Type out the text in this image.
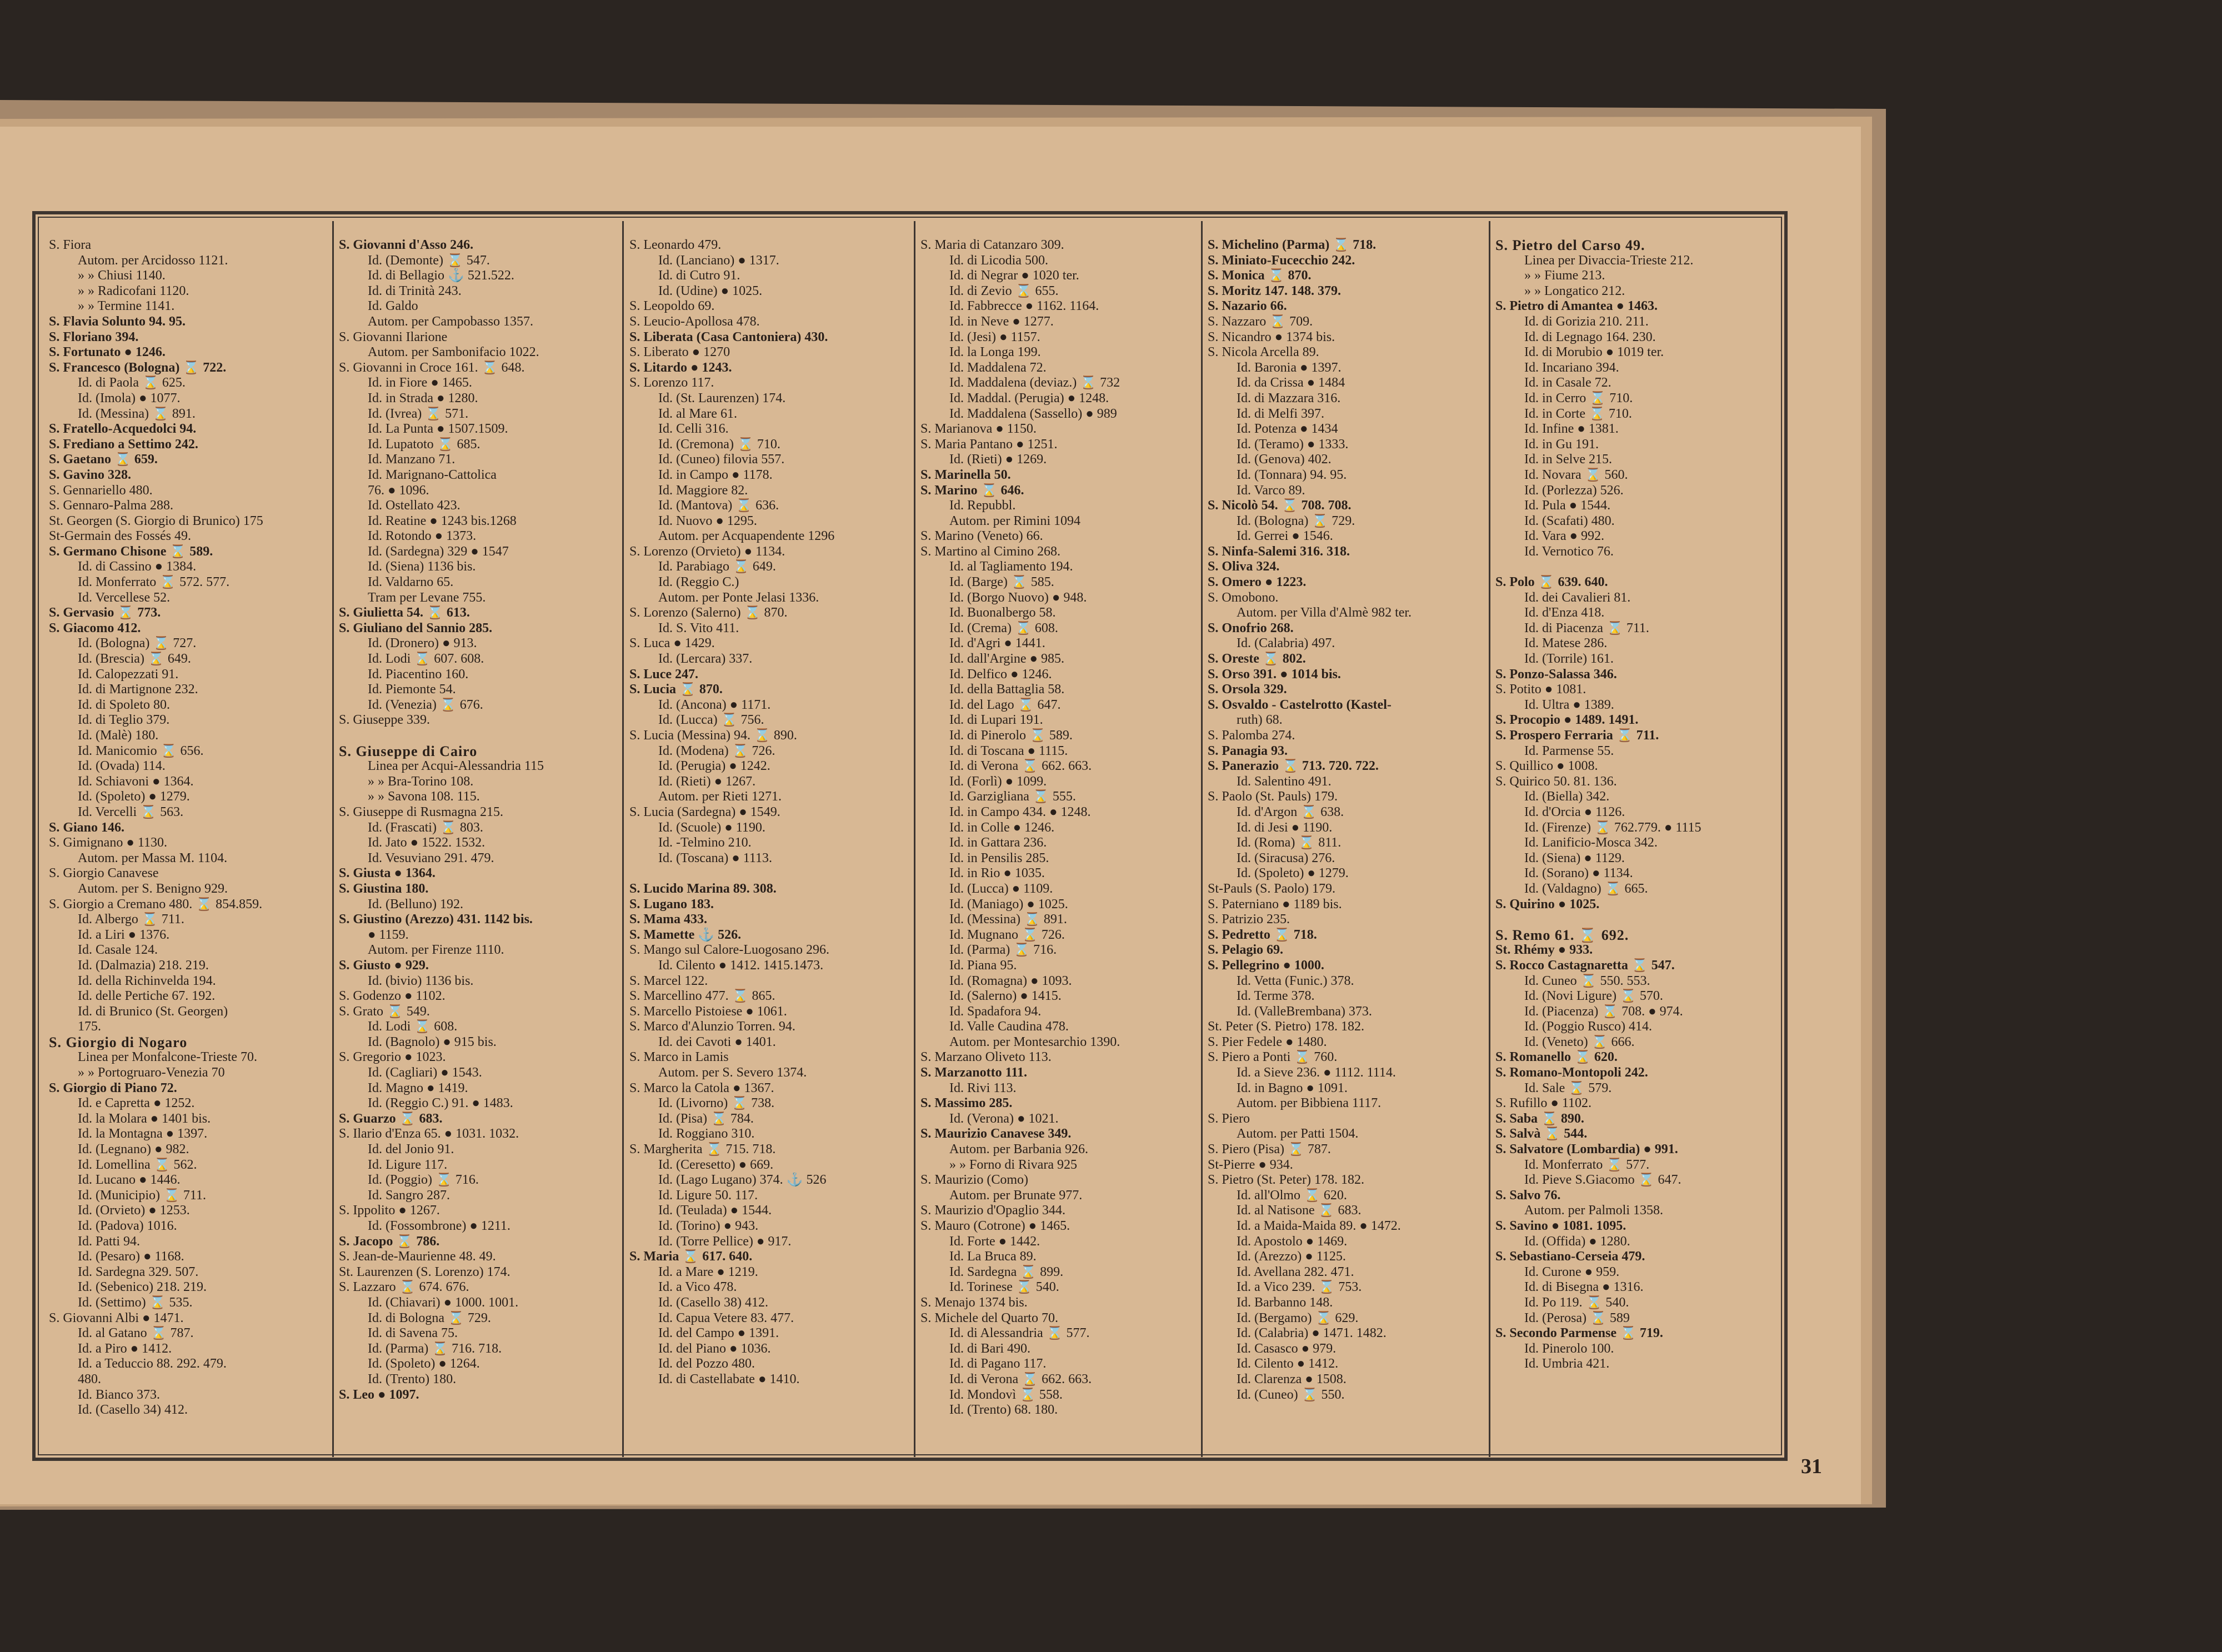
S. Fiora
Autom. per Arcidosso 1121.
» » Chiusi 1140.
» » Radicofani 1120.
» » Termine 1141.
S. Flavia Solunto 94. 95.
S. Floriano 394.
S. Fortunato ● 1246.
S. Francesco (Bologna) ⌛ 722.
Id. di Paola ⌛ 625.
Id. (Imola) ● 1077.
Id. (Messina) ⌛ 891.
S. Fratello-Acquedolci 94.
S. Frediano a Settimo 242.
S. Gaetano ⌛ 659.
S. Gavino 328.
S. Gennariello 480.
S. Gennaro-Palma 288.
St. Georgen (S. Giorgio di Brunico) 175
St-Germain des Fossés 49.
S. Germano Chisone ⌛ 589.
Id. di Cassino ● 1384.
Id. Monferrato ⌛ 572. 577.
Id. Vercellese 52.
S. Gervasio ⌛ 773.
S. Giacomo 412.
Id. (Bologna) ⌛ 727.
Id. (Brescia) ⌛ 649.
Id. Calopezzati 91.
Id. di Martignone 232.
Id. di Spoleto 80.
Id. di Teglio 379.
Id. (Malè) 180.
Id. Manicomio ⌛ 656.
Id. (Ovada) 114.
Id. Schiavoni ● 1364.
Id. (Spoleto) ● 1279.
Id. Vercelli ⌛ 563.
S. Giano 146.
S. Gimignano ● 1130.
Autom. per Massa M. 1104.
S. Giorgio Canavese
Autom. per S. Benigno 929.
S. Giorgio a Cremano 480. ⌛ 854.859.
Id. Albergo ⌛ 711.
Id. a Liri ● 1376.
Id. Casale 124.
Id. (Dalmazia) 218. 219.
Id. della Richinvelda 194.
Id. delle Pertiche 67. 192.
Id. di Brunico (St. Georgen)
175.
S. Giorgio di Nogaro
Linea per Monfalcone-Trieste 70.
» » Portogruaro-Venezia 70
S. Giorgio di Piano 72.
Id. e Capretta ● 1252.
Id. la Molara ● 1401 bis.
Id. la Montagna ● 1397.
Id. (Legnano) ● 982.
Id. Lomellina ⌛ 562.
Id. Lucano ● 1446.
Id. (Municipio) ⌛ 711.
Id. (Orvieto) ● 1253.
Id. (Padova) 1016.
Id. Patti 94.
Id. (Pesaro) ● 1168.
Id. Sardegna 329. 507.
Id. (Sebenico) 218. 219.
Id. (Settimo) ⌛ 535.
S. Giovanni Albi ● 1471.
Id. al Gatano ⌛ 787.
Id. a Piro ● 1412.
Id. a Teduccio 88. 292. 479.
480.
Id. Bianco 373.
Id. (Casello 34) 412.
S. Giovanni d'Asso 246.
Id. (Demonte) ⌛ 547.
Id. di Bellagio ⚓ 521.522.
Id. di Trinità 243.
Id. Galdo
Autom. per Campobasso 1357.
S. Giovanni Ilarione
Autom. per Sambonifacio 1022.
S. Giovanni in Croce 161. ⌛ 648.
Id. in Fiore ● 1465.
Id. in Strada ● 1280.
Id. (Ivrea) ⌛ 571.
Id. La Punta ● 1507.1509.
Id. Lupatoto ⌛ 685.
Id. Manzano 71.
Id. Marignano-Cattolica
76. ● 1096.
Id. Ostellato 423.
Id. Reatine ● 1243 bis.1268
Id. Rotondo ● 1373.
Id. (Sardegna) 329 ● 1547
Id. (Siena) 1136 bis.
Id. Valdarno 65.
Tram per Levane 755.
S. Giulietta 54. ⌛ 613.
S. Giuliano del Sannio 285.
Id. (Dronero) ● 913.
Id. Lodi ⌛ 607. 608.
Id. Piacentino 160.
Id. Piemonte 54.
Id. (Venezia) ⌛ 676.
S. Giuseppe 339.
S. Giuseppe di Cairo
Linea per Acqui-Alessandria 115
» » Bra-Torino 108.
» » Savona 108. 115.
S. Giuseppe di Rusmagna 215.
Id. (Frascati) ⌛ 803.
Id. Jato ● 1522. 1532.
Id. Vesuviano 291. 479.
S. Giusta ● 1364.
S. Giustina 180.
Id. (Belluno) 192.
S. Giustino (Arezzo) 431. 1142 bis.
● 1159.
Autom. per Firenze 1110.
S. Giusto ● 929.
Id. (bivio) 1136 bis.
S. Godenzo ● 1102.
S. Grato ⌛ 549.
Id. Lodi ⌛ 608.
Id. (Bagnolo) ● 915 bis.
S. Gregorio ● 1023.
Id. (Cagliari) ● 1543.
Id. Magno ● 1419.
Id. (Reggio C.) 91. ● 1483.
S. Guarzo ⌛ 683.
S. Ilario d'Enza 65. ● 1031. 1032.
Id. del Jonio 91.
Id. Ligure 117.
Id. (Poggio) ⌛ 716.
Id. Sangro 287.
S. Ippolito ● 1267.
Id. (Fossombrone) ● 1211.
S. Jacopo ⌛ 786.
S. Jean-de-Maurienne 48. 49.
St. Laurenzen (S. Lorenzo) 174.
S. Lazzaro ⌛ 674. 676.
Id. (Chiavari) ● 1000. 1001.
Id. di Bologna ⌛ 729.
Id. di Savena 75.
Id. (Parma) ⌛ 716. 718.
Id. (Spoleto) ● 1264.
Id. (Trento) 180.
S. Leo ● 1097.
S. Leonardo 479.
Id. (Lanciano) ● 1317.
Id. di Cutro 91.
Id. (Udine) ● 1025.
S. Leopoldo 69.
S. Leucio-Apollosa 478.
S. Liberata (Casa Cantoniera) 430.
S. Liberato ● 1270
S. Litardo ● 1243.
S. Lorenzo 117.
Id. (St. Laurenzen) 174.
Id. al Mare 61.
Id. Celli 316.
Id. (Cremona) ⌛ 710.
Id. (Cuneo) filovia 557.
Id. in Campo ● 1178.
Id. Maggiore 82.
Id. (Mantova) ⌛ 636.
Id. Nuovo ● 1295.
Autom. per Acquapendente 1296
S. Lorenzo (Orvieto) ● 1134.
Id. Parabiago ⌛ 649.
Id. (Reggio C.)
Autom. per Ponte Jelasi 1336.
S. Lorenzo (Salerno) ⌛ 870.
Id. S. Vito 411.
S. Luca ● 1429.
Id. (Lercara) 337.
S. Luce 247.
S. Lucia ⌛ 870.
Id. (Ancona) ● 1171.
Id. (Lucca) ⌛ 756.
S. Lucia (Messina) 94. ⌛ 890.
Id. (Modena) ⌛ 726.
Id. (Perugia) ● 1242.
Id. (Rieti) ● 1267.
Autom. per Rieti 1271.
S. Lucia (Sardegna) ● 1549.
Id. (Scuole) ● 1190.
Id. -Telmino 210.
Id. (Toscana) ● 1113.
S. Lucido Marina 89. 308.
S. Lugano 183.
S. Mama 433.
S. Mamette ⚓ 526.
S. Mango sul Calore-Luogosano 296.
Id. Cilento ● 1412. 1415.1473.
S. Marcel 122.
S. Marcellino 477. ⌛ 865.
S. Marcello Pistoiese ● 1061.
S. Marco d'Alunzio Torren. 94.
Id. dei Cavoti ● 1401.
S. Marco in Lamis
Autom. per S. Severo 1374.
S. Marco la Catola ● 1367.
Id. (Livorno) ⌛ 738.
Id. (Pisa) ⌛ 784.
Id. Roggiano 310.
S. Margherita ⌛ 715. 718.
Id. (Ceresetto) ● 669.
Id. (Lago Lugano) 374. ⚓ 526
Id. Ligure 50. 117.
Id. (Teulada) ● 1544.
Id. (Torino) ● 943.
Id. (Torre Pellice) ● 917.
S. Maria ⌛ 617. 640.
Id. a Mare ● 1219.
Id. a Vico 478.
Id. (Casello 38) 412.
Id. Capua Vetere 83. 477.
Id. del Campo ● 1391.
Id. del Piano ● 1036.
Id. del Pozzo 480.
Id. di Castellabate ● 1410.
S. Maria di Catanzaro 309.
Id. di Licodia 500.
Id. di Negrar ● 1020 ter.
Id. di Zevio ⌛ 655.
Id. Fabbrecce ● 1162. 1164.
Id. in Neve ● 1277.
Id. (Jesi) ● 1157.
Id. la Longa 199.
Id. Maddalena 72.
Id. Maddalena (deviaz.) ⌛ 732
Id. Maddal. (Perugia) ● 1248.
Id. Maddalena (Sassello) ● 989
S. Marianova ● 1150.
S. Maria Pantano ● 1251.
Id. (Rieti) ● 1269.
S. Marinella 50.
S. Marino ⌛ 646.
Id. Repubbl.
Autom. per Rimini 1094
S. Marino (Veneto) 66.
S. Martino al Cimino 268.
Id. al Tagliamento 194.
Id. (Barge) ⌛ 585.
Id. (Borgo Nuovo) ● 948.
Id. Buonalbergo 58.
Id. (Crema) ⌛ 608.
Id. d'Agri ● 1441.
Id. dall'Argine ● 985.
Id. Delfico ● 1246.
Id. della Battaglia 58.
Id. del Lago ⌛ 647.
Id. di Lupari 191.
Id. di Pinerolo ⌛ 589.
Id. di Toscana ● 1115.
Id. di Verona ⌛ 662. 663.
Id. (Forlì) ● 1099.
Id. Garzigliana ⌛ 555.
Id. in Campo 434. ● 1248.
Id. in Colle ● 1246.
Id. in Gattara 236.
Id. in Pensilis 285.
Id. in Rio ● 1035.
Id. (Lucca) ● 1109.
Id. (Maniago) ● 1025.
Id. (Messina) ⌛ 891.
Id. Mugnano ⌛ 726.
Id. (Parma) ⌛ 716.
Id. Piana 95.
Id. (Romagna) ● 1093.
Id. (Salerno) ● 1415.
Id. Spadafora 94.
Id. Valle Caudina 478.
Autom. per Montesarchio 1390.
S. Marzano Oliveto 113.
S. Marzanotto 111.
Id. Rivi 113.
S. Massimo 285.
Id. (Verona) ● 1021.
S. Maurizio Canavese 349.
Autom. per Barbania 926.
» » Forno di Rivara 925
S. Maurizio (Como)
Autom. per Brunate 977.
S. Maurizio d'Opaglio 344.
S. Mauro (Cotrone) ● 1465.
Id. Forte ● 1442.
Id. La Bruca 89.
Id. Sardegna ⌛ 899.
Id. Torinese ⌛ 540.
S. Menajo 1374 bis.
S. Michele del Quarto 70.
Id. di Alessandria ⌛ 577.
Id. di Bari 490.
Id. di Pagano 117.
Id. di Verona ⌛ 662. 663.
Id. Mondovì ⌛ 558.
Id. (Trento) 68. 180.
S. Michelino (Parma) ⌛ 718.
S. Miniato-Fucecchio 242.
S. Monica ⌛ 870.
S. Moritz 147. 148. 379.
S. Nazario 66.
S. Nazzaro ⌛ 709.
S. Nicandro ● 1374 bis.
S. Nicola Arcella 89.
Id. Baronia ● 1397.
Id. da Crissa ● 1484
Id. di Mazzara 316.
Id. di Melfi 397.
Id. Potenza ● 1434
Id. (Teramo) ● 1333.
Id. (Genova) 402.
Id. (Tonnara) 94. 95.
Id. Varco 89.
S. Nicolò 54. ⌛ 708. 708.
Id. (Bologna) ⌛ 729.
Id. Gerrei ● 1546.
S. Ninfa-Salemi 316. 318.
S. Oliva 324.
S. Omero ● 1223.
S. Omobono.
Autom. per Villa d'Almè 982 ter.
S. Onofrio 268.
Id. (Calabria) 497.
S. Oreste ⌛ 802.
S. Orso 391. ● 1014 bis.
S. Orsola 329.
S. Osvaldo - Castelrotto (Kastel-
ruth) 68.
S. Palomba 274.
S. Panagia 93.
S. Panerazio ⌛ 713. 720. 722.
Id. Salentino 491.
S. Paolo (St. Pauls) 179.
Id. d'Argon ⌛ 638.
Id. di Jesi ● 1190.
Id. (Roma) ⌛ 811.
Id. (Siracusa) 276.
Id. (Spoleto) ● 1279.
St-Pauls (S. Paolo) 179.
S. Paterniano ● 1189 bis.
S. Patrizio 235.
S. Pedretto ⌛ 718.
S. Pelagio 69.
S. Pellegrino ● 1000.
Id. Vetta (Funic.) 378.
Id. Terme 378.
Id. (ValleBrembana) 373.
St. Peter (S. Pietro) 178. 182.
S. Pier Fedele ● 1480.
S. Piero a Ponti ⌛ 760.
Id. a Sieve 236. ● 1112. 1114.
Id. in Bagno ● 1091.
Autom. per Bibbiena 1117.
S. Piero
Autom. per Patti 1504.
S. Piero (Pisa) ⌛ 787.
St-Pierre ● 934.
S. Pietro (St. Peter) 178. 182.
Id. all'Olmo ⌛ 620.
Id. al Natisone ⌛ 683.
Id. a Maida-Maida 89. ● 1472.
Id. Apostolo ● 1469.
Id. (Arezzo) ● 1125.
Id. Avellana 282. 471.
Id. a Vico 239. ⌛ 753.
Id. Barbanno 148.
Id. (Bergamo) ⌛ 629.
Id. (Calabria) ● 1471. 1482.
Id. Casasco ● 979.
Id. Cilento ● 1412.
Id. Clarenza ● 1508.
Id. (Cuneo) ⌛ 550.
S. Pietro del Carso 49.
Linea per Divaccia-Trieste 212.
» » Fiume 213.
» » Longatico 212.
S. Pietro di Amantea ● 1463.
Id. di Gorizia 210. 211.
Id. di Legnago 164. 230.
Id. di Morubio ● 1019 ter.
Id. Incariano 394.
Id. in Casale 72.
Id. in Cerro ⌛ 710.
Id. in Corte ⌛ 710.
Id. Infine ● 1381.
Id. in Gu 191.
Id. in Selve 215.
Id. Novara ⌛ 560.
Id. (Porlezza) 526.
Id. Pula ● 1544.
Id. (Scafati) 480.
Id. Vara ● 992.
Id. Vernotico 76.
S. Polo ⌛ 639. 640.
Id. dei Cavalieri 81.
Id. d'Enza 418.
Id. di Piacenza ⌛ 711.
Id. Matese 286.
Id. (Torrile) 161.
S. Ponzo-Salassa 346.
S. Potito ● 1081.
Id. Ultra ● 1389.
S. Procopio ● 1489. 1491.
S. Prospero Ferraria ⌛ 711.
Id. Parmense 55.
S. Quillico ● 1008.
S. Quirico 50. 81. 136.
Id. (Biella) 342.
Id. d'Orcia ● 1126.
Id. (Firenze) ⌛ 762.779. ● 1115
Id. Lanificio-Mosca 342.
Id. (Siena) ● 1129.
Id. (Sorano) ● 1134.
Id. (Valdagno) ⌛ 665.
S. Quirino ● 1025.
S. Remo 61. ⌛ 692.
St. Rhémy ● 933.
S. Rocco Castagnaretta ⌛ 547.
Id. Cuneo ⌛ 550. 553.
Id. (Novi Ligure) ⌛ 570.
Id. (Piacenza) ⌛ 708. ● 974.
Id. (Poggio Rusco) 414.
Id. (Veneto) ⌛ 666.
S. Romanello ⌛ 620.
S. Romano-Montopoli 242.
Id. Sale ⌛ 579.
S. Rufillo ● 1102.
S. Saba ⌛ 890.
S. Salvà ⌛ 544.
S. Salvatore (Lombardia) ● 991.
Id. Monferrato ⌛ 577.
Id. Pieve S.Giacomo ⌛ 647.
S. Salvo 76.
Autom. per Palmoli 1358.
S. Savino ● 1081. 1095.
Id. (Offida) ● 1280.
S. Sebastiano-Cerseia 479.
Id. Curone ● 959.
Id. di Bisegna ● 1316.
Id. Po 119. ⌛ 540.
Id. (Perosa) ⌛ 589
S. Secondo Parmense ⌛ 719.
Id. Pinerolo 100.
Id. Umbria 421.
31
